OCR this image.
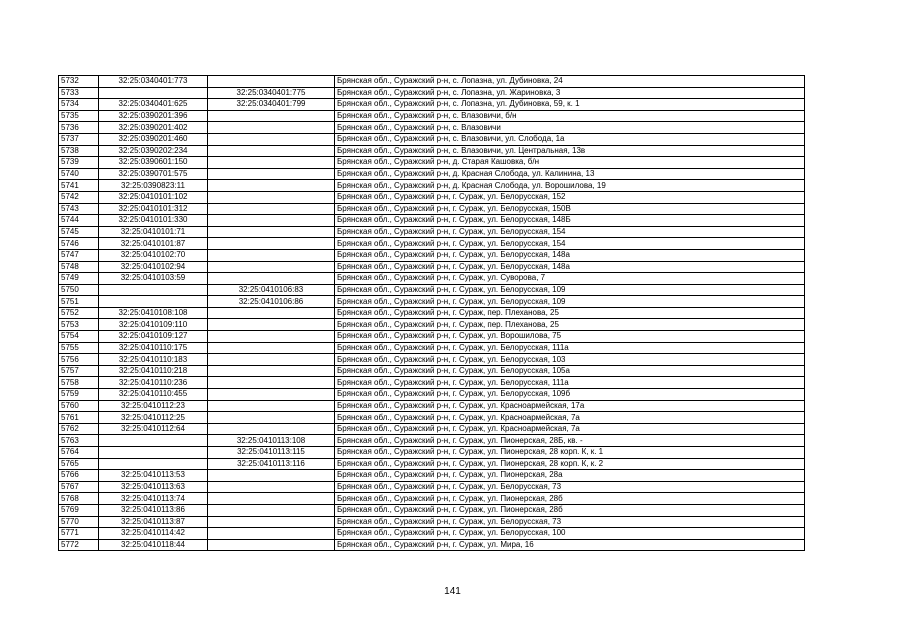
5732	32:25:0340401:773		Брянская обл., Суражский р-н, с. Лопазна, ул. Дубиновка, 24
5733		32:25:0340401:775	Брянская обл., Суражский р-н, с. Лопазна, ул. Жариновка, 3
5734	32:25:0340401:625	32:25:0340401:799	Брянская обл., Суражский р-н, с. Лопазна, ул. Дубиновка, 59, к. 1
5735	32:25:0390201:396		Брянская обл., Суражский р-н, с. Влазовичи, б/н
5736	32:25:0390201:402		Брянская обл., Суражский р-н, с. Влазовичи
5737	32:25:0390201:460		Брянская обл., Суражский р-н, с. Влазовичи, ул. Слобода, 1а
5738	32:25:0390202:234		Брянская обл., Суражский р-н, с. Влазовичи, ул. Центральная, 13в
5739	32:25:0390601:150		Брянская обл., Суражский р-н, д. Старая Кашовка, б/н
5740	32:25:0390701:575		Брянская обл., Суражский р-н, д. Красная Слобода, ул. Калинина, 13
5741	32:25:0390823:11		Брянская обл., Суражский р-н, д. Красная Слобода, ул. Ворошилова, 19
5742	32:25:0410101:102		Брянская обл., Суражский р-н, г. Сураж, ул. Белорусская, 152
5743	32:25:0410101:312		Брянская обл., Суражский р-н, г. Сураж, ул. Белорусская, 150В
5744	32:25:0410101:330		Брянская обл., Суражский р-н, г. Сураж, ул. Белорусская, 148Б
5745	32:25:0410101:71		Брянская обл., Суражский р-н, г. Сураж, ул. Белорусская, 154
5746	32:25:0410101:87		Брянская обл., Суражский р-н, г. Сураж, ул. Белорусская, 154
5747	32:25:0410102:70		Брянская обл., Суражский р-н, г. Сураж, ул. Белорусская, 148а
5748	32:25:0410102:94		Брянская обл., Суражский р-н, г. Сураж, ул. Белорусская, 148а
5749	32:25:0410103:59		Брянская обл., Суражский р-н, г. Сураж, ул. Суворова, 7
5750		32:25:0410106:83	Брянская обл., Суражский р-н, г. Сураж, ул. Белорусская, 109
5751		32:25:0410106:86	Брянская обл., Суражский р-н, г. Сураж, ул. Белорусская, 109
5752	32:25:0410108:108		Брянская обл., Суражский р-н, г. Сураж, пер. Плеханова, 25
5753	32:25:0410109:110		Брянская обл., Суражский р-н, г. Сураж, пер. Плеханова, 25
5754	32:25:0410109:127		Брянская обл., Суражский р-н, г. Сураж, ул. Ворошилова, 75
5755	32:25:0410110:175		Брянская обл., Суражский р-н, г. Сураж, ул. Белорусская, 111а
5756	32:25:0410110:183		Брянская обл., Суражский р-н, г. Сураж, ул. Белорусская, 103
5757	32:25:0410110:218		Брянская обл., Суражский р-н, г. Сураж, ул. Белорусская, 105а
5758	32:25:0410110:236		Брянская обл., Суражский р-н, г. Сураж, ул. Белорусская, 111а
5759	32:25:0410110:455		Брянская обл., Суражский р-н, г. Сураж, ул. Белорусская, 109б
5760	32:25:0410112:23		Брянская обл., Суражский р-н, г. Сураж, ул. Красноармейская, 17а
5761	32:25:0410112:25		Брянская обл., Суражский р-н, г. Сураж, ул. Красноармейская, 7а
5762	32:25:0410112:64		Брянская обл., Суражский р-н, г. Сураж, ул. Красноармейская, 7а
5763		32:25:0410113:108	Брянская обл., Суражский р-н, г. Сураж, ул. Пионерская, 28Б, кв. -
5764		32:25:0410113:115	Брянская обл., Суражский р-н, г. Сураж, ул. Пионерская, 28 корп. К, к. 1
5765		32:25:0410113:116	Брянская обл., Суражский р-н, г. Сураж, ул. Пионерская, 28 корп. К, к. 2
5766	32:25:0410113:53		Брянская обл., Суражский р-н, г. Сураж, ул. Пионерская, 28а
5767	32:25:0410113:63		Брянская обл., Суражский р-н, г. Сураж, ул. Белорусская, 73
5768	32:25:0410113:74		Брянская обл., Суражский р-н, г. Сураж, ул. Пионерская, 28б
5769	32:25:0410113:86		Брянская обл., Суражский р-н, г. Сураж, ул. Пионерская, 28б
5770	32:25:0410113:87		Брянская обл., Суражский р-н, г. Сураж, ул. Белорусская, 73
5771	32:25:0410114:42		Брянская обл., Суражский р-н, г. Сураж, ул. Белорусская, 100
5772	32:25:0410118:44		Брянская обл., Суражский р-н, г. Сураж, ул. Мира, 16
141
